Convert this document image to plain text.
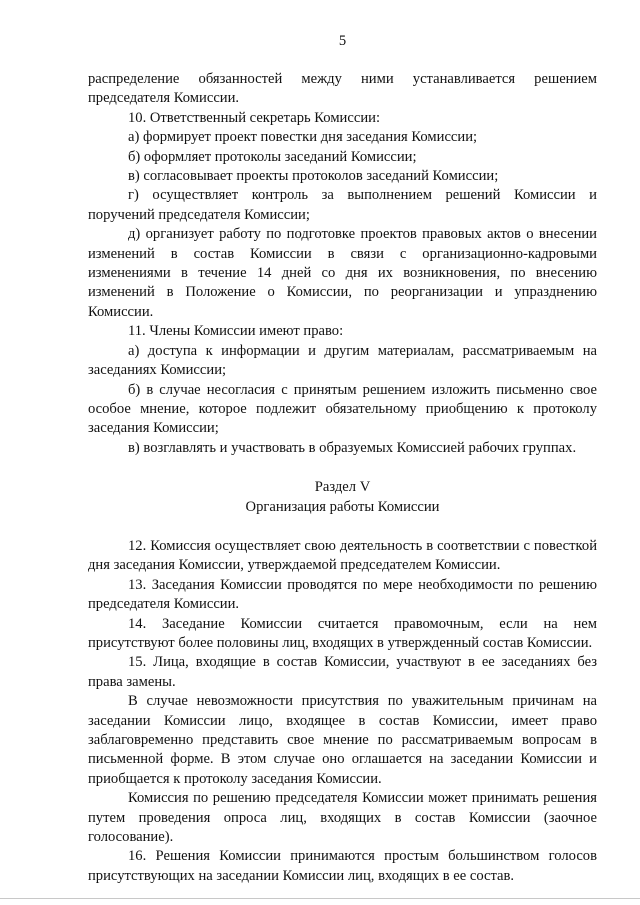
5

распределение обязанностей между ними устанавливается решением председателя Комиссии.

10. Ответственный секретарь Комиссии:

а) формирует проект повестки дня заседания Комиссии;

б) оформляет протоколы заседаний Комиссии;

в) согласовывает проекты протоколов заседаний Комиссии;

г) осуществляет контроль за выполнением решений Комиссии и поручений председателя Комиссии;

д) организует работу по подготовке проектов правовых актов о внесении изменений в состав Комиссии в связи с организационно-кадровыми изменениями в течение 14 дней со дня их возникновения, по внесению изменений в Положение о Комиссии, по реорганизации и упразднению Комиссии.

11. Члены Комиссии имеют право:

а) доступа к информации и другим материалам, рассматриваемым на заседаниях Комиссии;

б) в случае несогласия с принятым решением изложить письменно свое особое мнение, которое подлежит обязательному приобщению к протоколу заседания Комиссии;

в) возглавлять и участвовать в образуемых Комиссией рабочих группах.

Раздел V

Организация работы Комиссии

12. Комиссия осуществляет свою деятельность в соответствии с повесткой дня заседания Комиссии, утверждаемой председателем Комиссии.

13. Заседания Комиссии проводятся по мере необходимости по решению председателя Комиссии.

14. Заседание Комиссии считается правомочным, если на нем присутствуют более половины лиц, входящих в утвержденный состав Комиссии.

15. Лица, входящие в состав Комиссии, участвуют в ее заседаниях без права замены.

В случае невозможности присутствия по уважительным причинам на заседании Комиссии лицо, входящее в состав Комиссии, имеет право заблаговременно представить свое мнение по рассматриваемым вопросам в письменной форме. В этом случае оно оглашается на заседании Комиссии и приобщается к протоколу заседания Комиссии.

Комиссия по решению председателя Комиссии может принимать решения путем проведения опроса лиц, входящих в состав Комиссии (заочное голосование).

16. Решения Комиссии принимаются простым большинством голосов присутствующих на заседании Комиссии лиц, входящих в ее состав.
